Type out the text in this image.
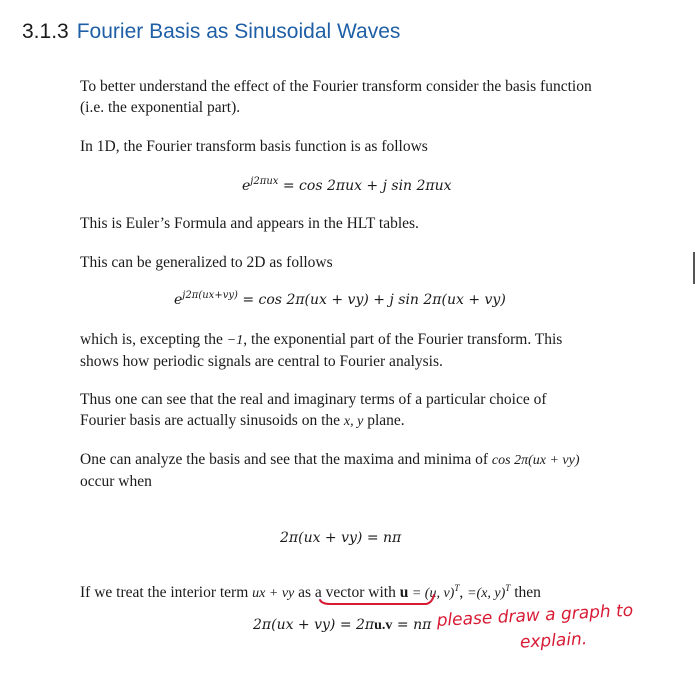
3.1.3 Fourier Basis as Sinusoidal Waves
To better understand the effect of the Fourier transform consider the basis function (i.e. the exponential part).
In 1D, the Fourier transform basis function is as follows
$e^{j2\pi ux} = \cos 2\pi ux + j$ sin 2πux
This is Euler’s Formula and appears in the HLT tables.
This can be generalized to 2D as follows
$e^{j2\pi(ux+vy)} = \cos 2\pi(ux + vy) + j$ sin 2π(ux + vy)
which is, excepting the −1, the exponential part of the Fourier transform. This shows how periodic signals are central to Fourier analysis.
Thus one can see that the real and imaginary terms of a particular choice of Fourier basis are actually sinusoids on the x, y plane.
One can analyze the basis and see that the maxima and minima of cos 2π(ux + vy) occur when
2π(ux + vy) = nπ
If we treat the interior term ux + vy as a vector with u = (u, v)$^T$, =(x, y)$^T$ then
2π(ux + vy) = 2πu.v = nπ please draw a graph to
explain.
